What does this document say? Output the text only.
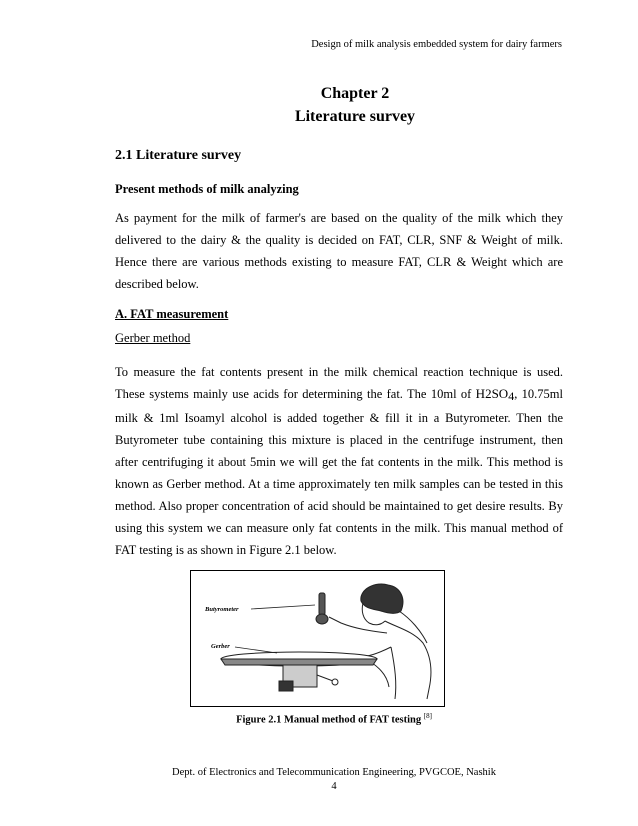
Design of milk analysis embedded system for dairy farmers
Chapter 2
Literature survey
2.1 Literature survey
Present methods of milk analyzing
As payment for the milk of farmer's are based on the quality of the milk which they delivered to the dairy & the quality is decided on FAT, CLR, SNF & Weight of milk. Hence there are various methods existing to measure FAT, CLR & Weight which are described below.
A. FAT measurement
Gerber method
To measure the fat contents present in the milk chemical reaction technique is used. These systems mainly use acids for determining the fat. The 10ml of $H2SO_4$, 10.75ml milk & 1ml Isoamyl alcohol is added together & fill it in a Butyrometer. Then the Butyrometer tube containing this mixture is placed in the centrifuge instrument, then after centrifuging it about 5min we will get the fat contents in the milk. This method is known as Gerber method. At a time approximately ten milk samples can be tested in this method. Also proper concentration of acid should be maintained to get desire results. By using this system we can measure only fat contents in the milk. This manual method of FAT testing is as shown in Figure 2.1 below.
Butyrometer
Gerber
Figure 2.1 Manual method of FAT testing [8]
Dept. of Electronics and Telecommunication Engineering, PVGCOE, Nashik
4
